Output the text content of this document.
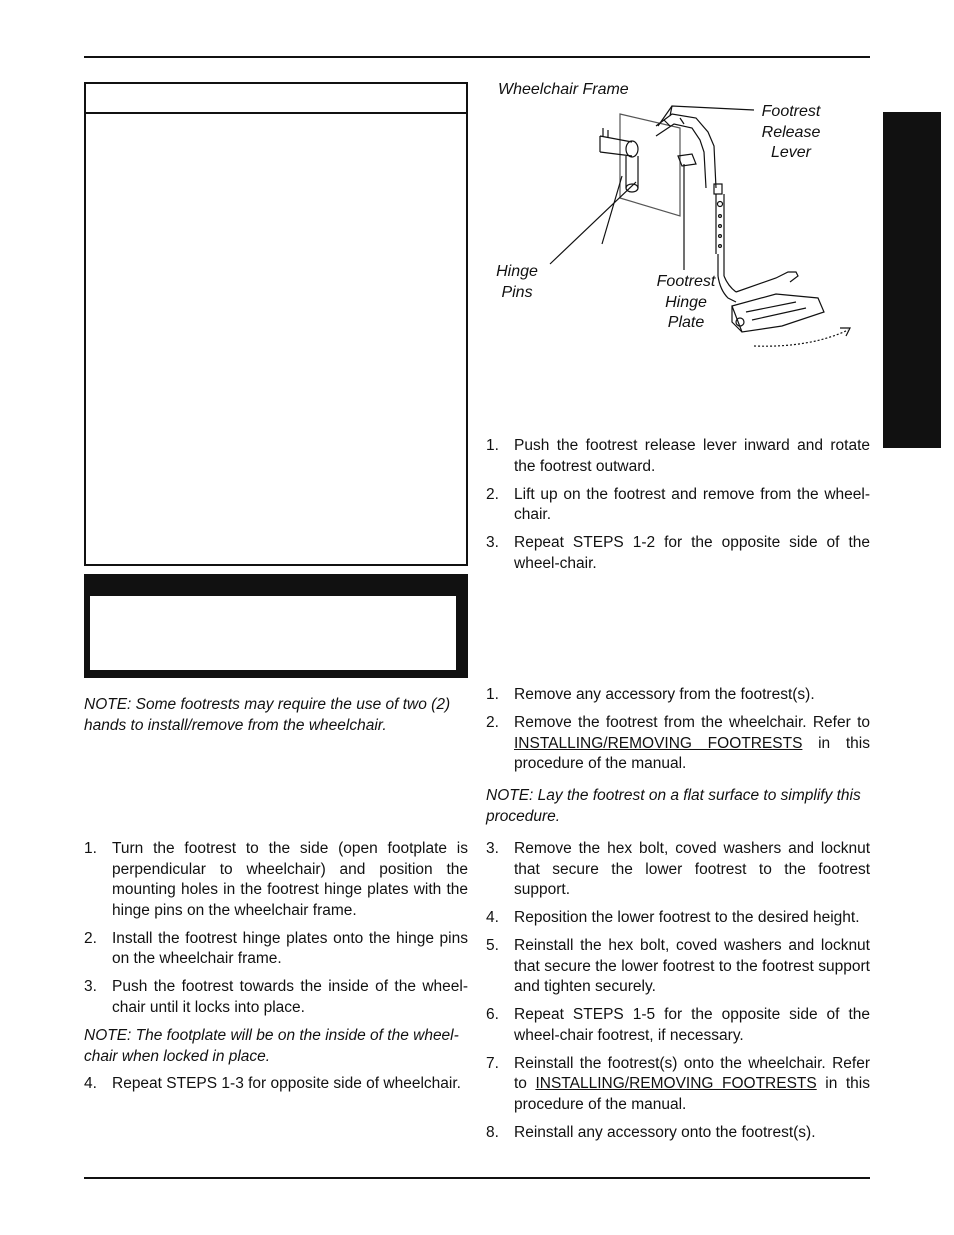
NOTE: Some footrests may require the use of two (2) hands to install/remove from the wheelchair.

1. Turn the footrest to the side (open footplate is perpendicular to wheelchair) and position the mounting holes in the footrest hinge plates with the hinge pins on the wheelchair frame.
2. Install the footrest hinge plates onto the hinge pins on the wheelchair frame.
3. Push the footrest towards the inside of the wheel-chair until it locks into place.

NOTE: The footplate will be on the inside of the wheel-chair when locked in place.

4. Repeat STEPS 1-3 for opposite side of wheelchair.
Wheelchair Frame
Footrest
Release
Lever
Hinge
Pins
Footrest
Hinge
Plate
1. Push the footrest release lever inward and rotate the footrest outward.
2. Lift up on the footrest and remove from the wheel-chair.
3. Repeat STEPS 1-2 for the opposite side of the wheel-chair.
1. Remove any accessory from the footrest(s).
2. Remove the footrest from the wheelchair. Refer to INSTALLING/REMOVING FOOTRESTS in this procedure of the manual.

NOTE: Lay the footrest on a flat surface to simplify this procedure.

3. Remove the hex bolt, coved washers and locknut that secure the lower footrest to the footrest support.
4. Reposition the lower footrest to the desired height.
5. Reinstall the hex bolt, coved washers and locknut that secure the lower footrest to the footrest support and tighten securely.
6. Repeat STEPS 1-5 for the opposite side of the wheel-chair footrest, if necessary.
7. Reinstall the footrest(s) onto the wheelchair. Refer to INSTALLING/REMOVING FOOTRESTS in this procedure of the manual.
8. Reinstall any accessory onto the footrest(s).
